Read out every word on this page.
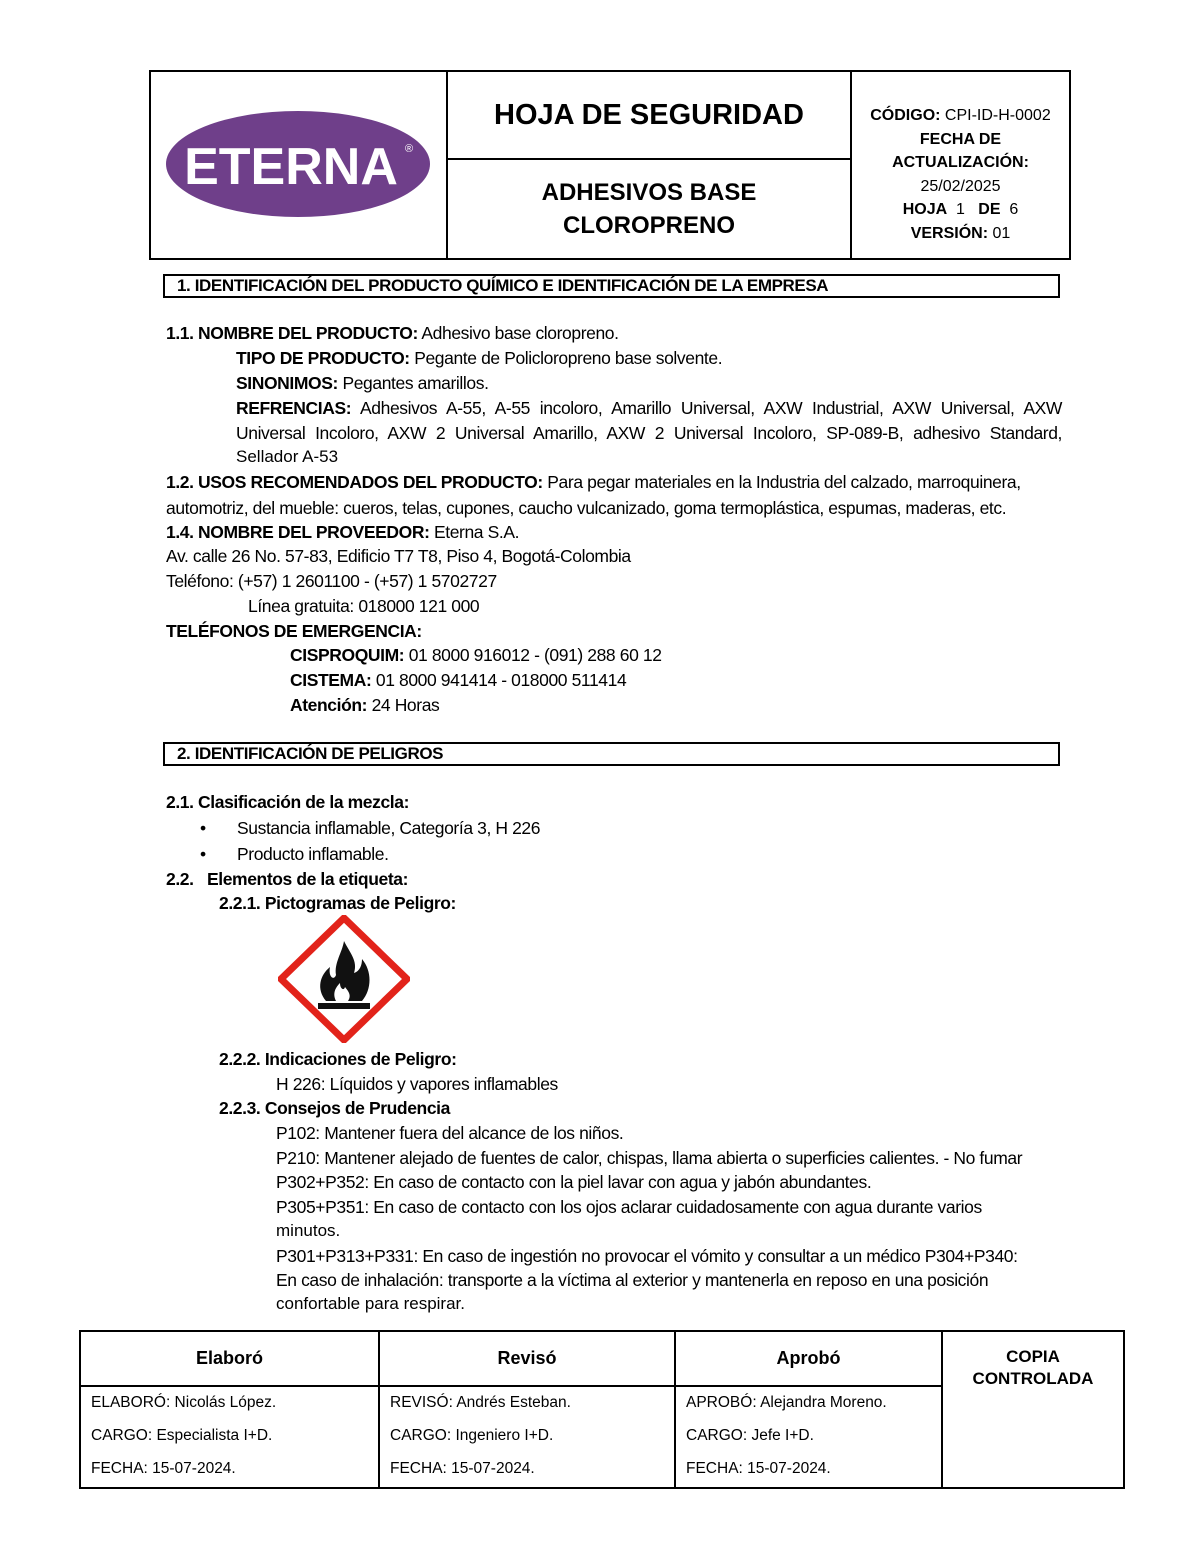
ETERNA ®
HOJA DE SEGURIDAD
ADHESIVOS BASE
CLOROPRENO
CÓDIGO: CPI-ID-H-0002
FECHA DE
ACTUALIZACIÓN:
25/02/2025
HOJA 1 DE 6
VERSIÓN: 01
1. IDENTIFICACIÓN DEL PRODUCTO QUÍMICO E IDENTIFICACIÓN DE LA EMPRESA
1.1. NOMBRE DEL PRODUCTO: Adhesivo base cloropreno.
TIPO DE PRODUCTO: Pegante de Policloropreno base solvente.
SINONIMOS: Pegantes amarillos.
REFRENCIAS: Adhesivos A-55, A-55 incoloro, Amarillo Universal, AXW Industrial, AXW Universal, AXW
Universal Incoloro, AXW 2 Universal Amarillo, AXW 2 Universal Incoloro, SP-089-B, adhesivo Standard,
Sellador A-53
1.2. USOS RECOMENDADOS DEL PRODUCTO: Para pegar materiales en la Industria del calzado, marroquinera,
automotriz, del mueble: cueros, telas, cupones, caucho vulcanizado, goma termoplástica, espumas, maderas, etc.
1.4. NOMBRE DEL PROVEEDOR: Eterna S.A.
Av. calle 26 No. 57-83, Edificio T7 T8, Piso 4, Bogotá-Colombia
Teléfono: (+57) 1 2601100 - (+57) 1 5702727
Línea gratuita: 018000 121 000
TELÉFONOS DE EMERGENCIA:
CISPROQUIM: 01 8000 916012 - (091) 288 60 12
CISTEMA: 01 8000 941414 - 018000 511414
Atención: 24 Horas
2. IDENTIFICACIÓN DE PELIGROS
2.1. Clasificación de la mezcla:
• Sustancia inflamable, Categoría 3, H 226
• Producto inflamable.
2.2.   Elementos de la etiqueta:
2.2.1. Pictogramas de Peligro:
2.2.2. Indicaciones de Peligro:
H 226: Líquidos y vapores inflamables
2.2.3. Consejos de Prudencia
P102: Mantener fuera del alcance de los niños.
P210: Mantener alejado de fuentes de calor, chispas, llama abierta o superficies calientes. - No fumar
P302+P352: En caso de contacto con la piel lavar con agua y jabón abundantes.
P305+P351: En caso de contacto con los ojos aclarar cuidadosamente con agua durante varios
minutos.
P301+P313+P331: En caso de ingestión no provocar el vómito y consultar a un médico P304+P340:
En caso de inhalación: transporte a la víctima al exterior y mantenerla en reposo en una posición
confortable para respirar.
Elaboró
ELABORÓ: Nicolás López.
CARGO: Especialista I+D.
FECHA: 15-07-2024.
Revisó
REVISÓ: Andrés Esteban.
CARGO: Ingeniero I+D.
FECHA: 15-07-2024.
Aprobó
APROBÓ: Alejandra Moreno.
CARGO: Jefe I+D.
FECHA: 15-07-2024.
COPIA
CONTROLADA
